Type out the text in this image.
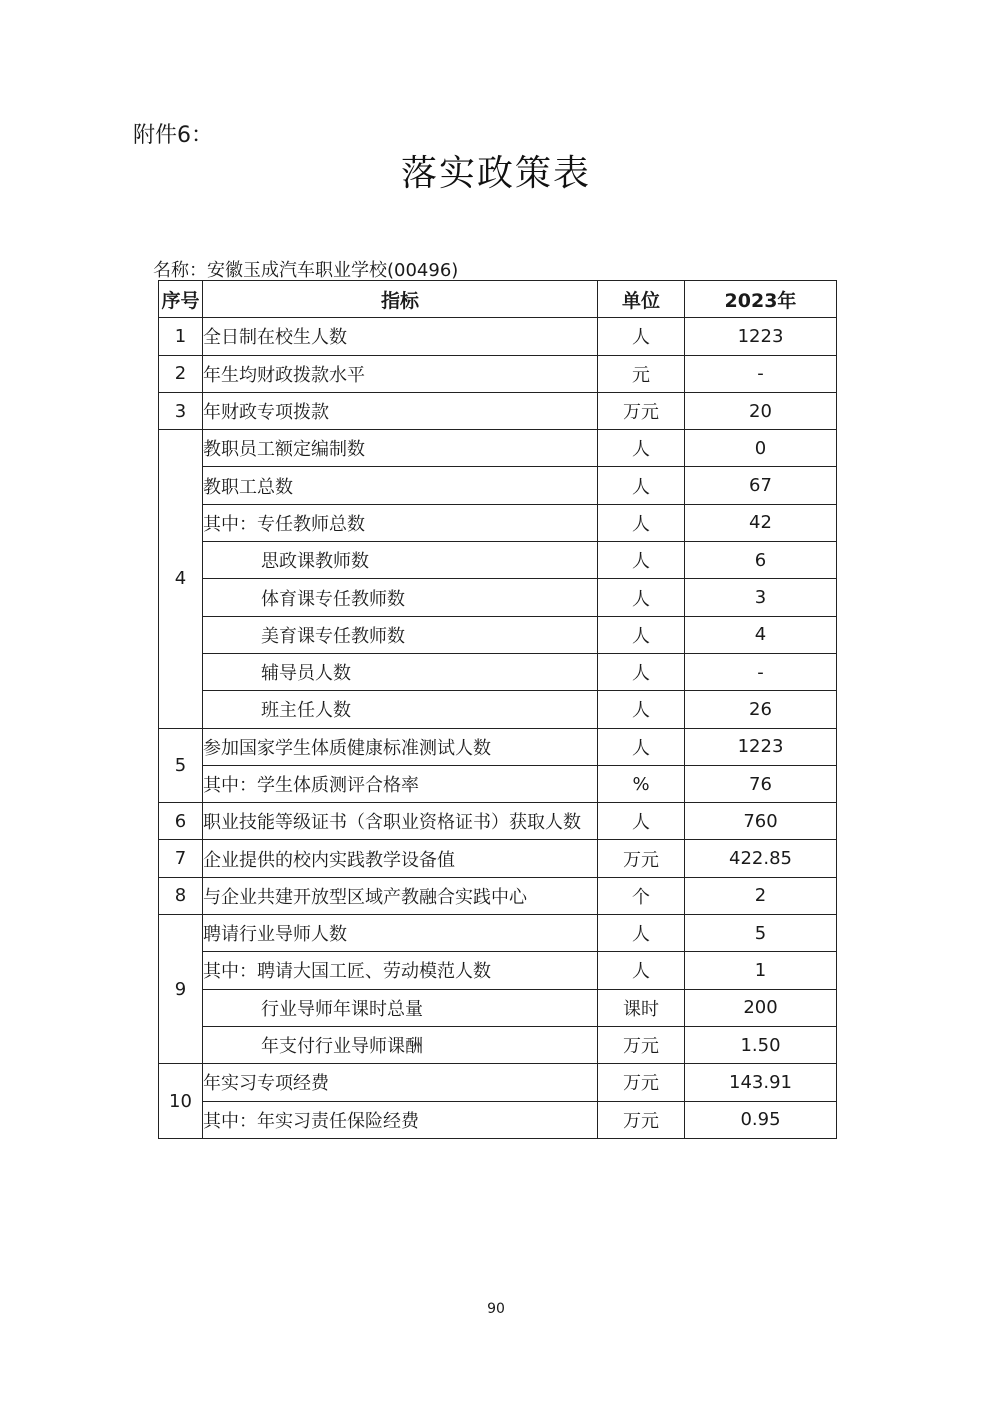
附件6：
落实政策表
名称：安徽玉成汽车职业学校(00496)
序号	指标	单位	2023年
1	全日制在校生人数	人	1223
2	年生均财政拨款水平	元	-
3	年财政专项拨款	万元	20
4	教职员工额定编制数	人	0
	教职工总数	人	67
	其中：专任教师总数	人	42
	思政课教师数	人	6
	体育课专任教师数	人	3
	美育课专任教师数	人	4
	辅导员人数	人	-
	班主任人数	人	26
5	参加国家学生体质健康标准测试人数	人	1223
	其中：学生体质测评合格率	%	76
6	职业技能等级证书（含职业资格证书）获取人数	人	760
7	企业提供的校内实践教学设备值	万元	422.85
8	与企业共建开放型区域产教融合实践中心	个	2
9	聘请行业导师人数	人	5
	其中：聘请大国工匠、劳动模范人数	人	1
	行业导师年课时总量	课时	200
	年支付行业导师课酬	万元	1.50
10	年实习专项经费	万元	143.91
	其中：年实习责任保险经费	万元	0.95
90
